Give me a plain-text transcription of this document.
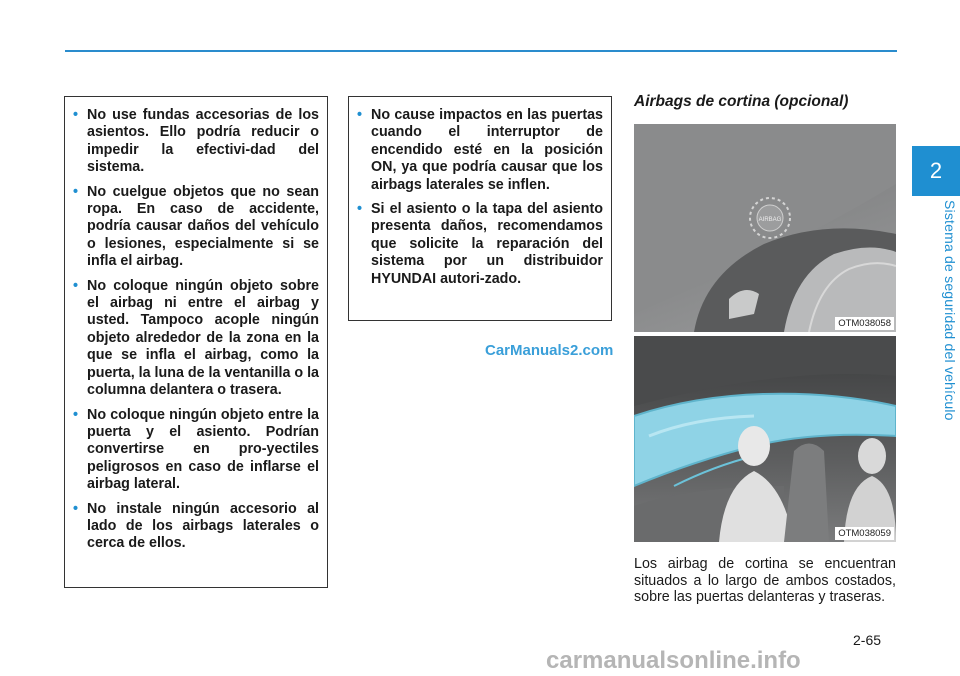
2
Sistema de seguridad del vehículo
• No use fundas accesorias de los asientos. Ello podría reducir o impedir la efectivi-dad del sistema.
• No cuelgue objetos que no sean ropa. En caso de accidente, podría causar daños del vehículo o lesiones, especialmente si se infla el airbag.
• No coloque ningún objeto sobre el airbag ni entre el airbag y usted. Tampoco acople ningún objeto alrededor de la zona en la que se infla el airbag, como la puerta, la luna de la ventanilla o la columna delantera o trasera.
• No coloque ningún objeto entre la puerta y el asiento. Podrían convertirse en pro-yectiles peligrosos en caso de inflarse el airbag lateral.
• No instale ningún accesorio al lado de los airbags laterales o cerca de ellos.
• No cause impactos en las puertas cuando el interruptor de encendido esté en la posición ON, ya que podría causar que los airbags laterales se inflen.
• Si el asiento o la tapa del asiento presenta daños, recomendamos que solicite la reparación del sistema por un distribuidor HYUNDAI autori-zado.
Airbags de cortina (opcional)
AIRBAG
OTM038058
OTM038059
Los airbag de cortina se encuentran situados a lo largo de ambos costados, sobre las puertas delanteras y traseras.
CarManuals2.com
2-65
carmanualsonline.info
